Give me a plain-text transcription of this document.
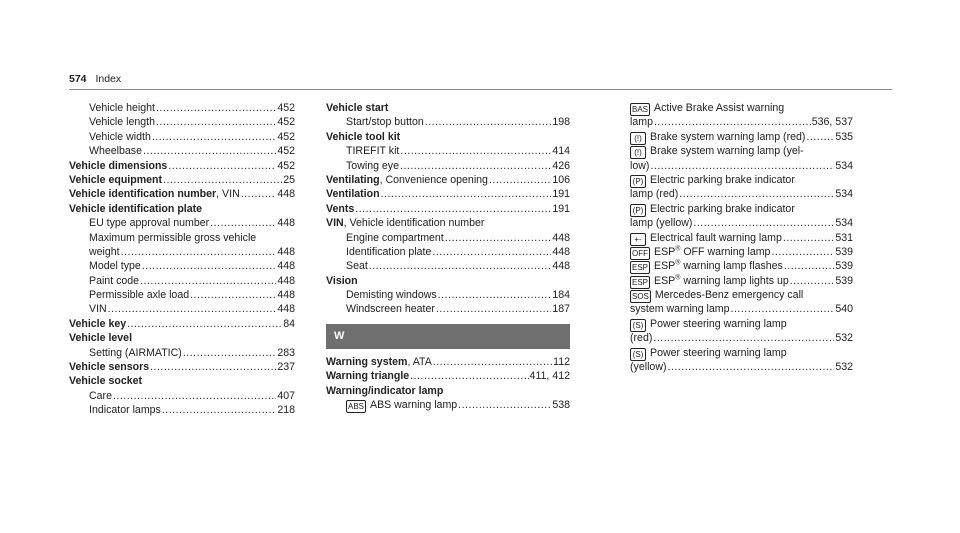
574 Index
Vehicle height .....	452
Vehicle length .....	452
Vehicle width .....	452
Wheelbase .....	452
Vehicle dimensions .....	452
Vehicle equipment .....	25
Vehicle identification number, VIN .....	448
Vehicle identification plate
EU type approval number .....	448
Maximum permissible gross vehicle
weight .....	448
Model type .....	448
Paint code .....	448
Permissible axle load .....	448
VIN .....	448
Vehicle key .....	84
Vehicle level
Setting (AIRMATIC) .....	283
Vehicle sensors .....	237
Vehicle socket
Care .....	407
Indicator lamps .....	218
Vehicle start
Start/stop button .....	198
Vehicle tool kit
TIREFIT kit .....	414
Towing eye .....	426
Ventilating, Convenience opening .....	106
Ventilation .....	191
Vents .....	191
VIN, Vehicle identification number
Engine compartment .....	448
Identification plate .....	448
Seat .....	448
Vision
Demisting windows .....	184
Windscreen heater .....	187
W
Warning system, ATA .....	112
Warning triangle .....	411, 412
Warning/indicator lamp
ABS ABS warning lamp .....	538
BAS Active Brake Assist warning
lamp .....	536, 537
(!) Brake system warning lamp (red) .....	535
(!) Brake system warning lamp (yel-
low) .....	534
(P) Electric parking brake indicator
lamp (red) .....	534
(P) Electric parking brake indicator
lamp (yellow) .....	534
+- Electrical fault warning lamp .....	531
OFF ESP® OFF warning lamp .....	539
ESP ESP® warning lamp flashes .....	539
ESP ESP® warning lamp lights up .....	539
SOS Mercedes-Benz emergency call
system warning lamp .....	540
(S) Power steering warning lamp
(red) .....	532
(S) Power steering warning lamp
(yellow) .....	532
